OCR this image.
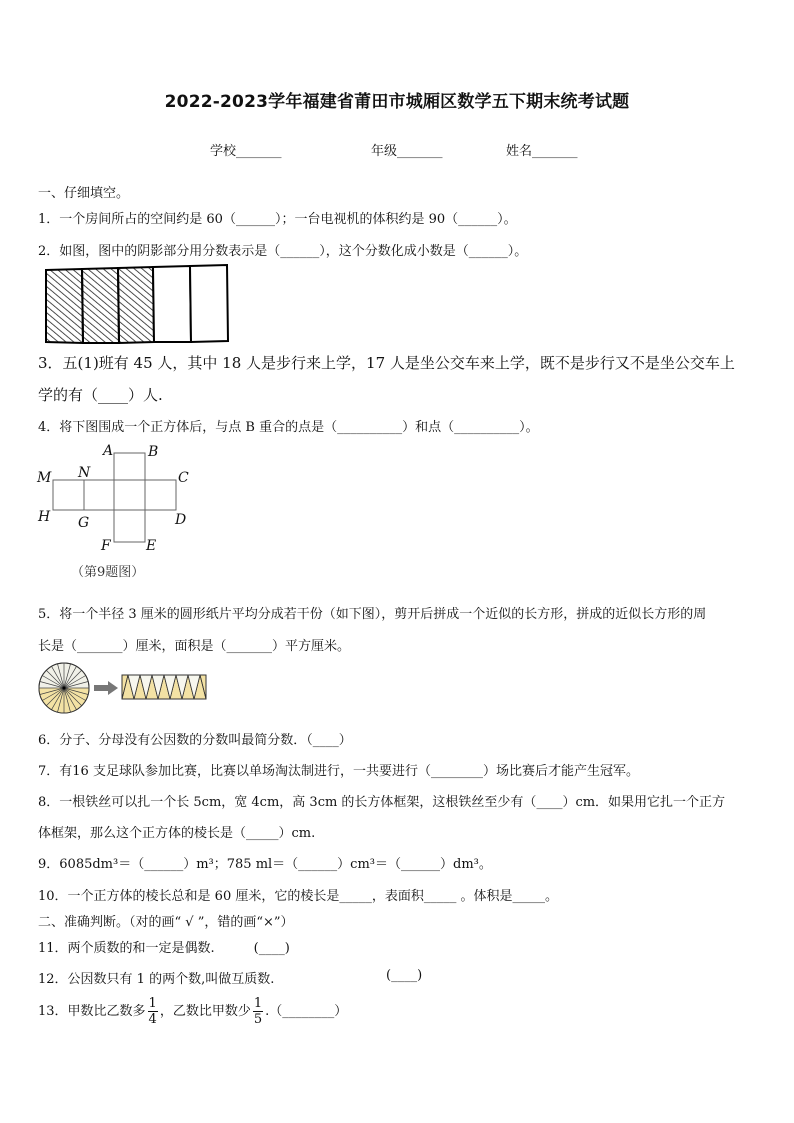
2022-2023学年福建省莆田市城厢区数学五下期末统考试题
学校_______	年级_______	姓名_______
一、仔细填空。
1．一个房间所占的空间约是 60（______）；一台电视机的体积约是 90（______）。
2．如图，图中的阴影部分用分数表示是（______），这个分数化成小数是（______）。
3．五(1)班有 45 人，其中 18 人是步行来上学，17 人是坐公交车来上学，既不是步行又不是坐公交车上
学的有（____）人.
4．将下图围成一个正方体后，与点 B 重合的点是（__________）和点（__________）。
A B
C
D
E
F
G
H
M N
（第9题图）
5．将一个半径 3 厘米的圆形纸片平均分成若干份（如下图），剪开后拼成一个近似的长方形，拼成的近似长方形的周
长是（_______）厘米，面积是（_______）平方厘米。
6．分子、分母没有公因数的分数叫最简分数．（____）
7．有16 支足球队参加比赛，比赛以单场淘汰制进行，一共要进行（________）场比赛后才能产生冠军。
8．一根铁丝可以扎一个长 5cm，宽 4cm，高 3cm 的长方体框架，这根铁丝至少有（____）cm．如果用它扎一个正方
体框架，那么这个正方体的棱长是（_____）cm.
9．6085dm³＝（______）m³；785 ml＝（______）cm³＝（______）dm³。
10．一个正方体的棱长总和是 60 厘米，它的棱长是_____，表面积_____ 。体积是_____。
二、准确判断。（对的画“ √ ”，错的画“×”）
11．两个质数的和一定是偶数.　　　(____)
12．公因数只有 1 的两个数,叫做互质数.	(____)
13．甲数比乙数多 $\frac{1}{4}$ ，乙数比甲数少 $\frac{1}{5}$ .（________）
